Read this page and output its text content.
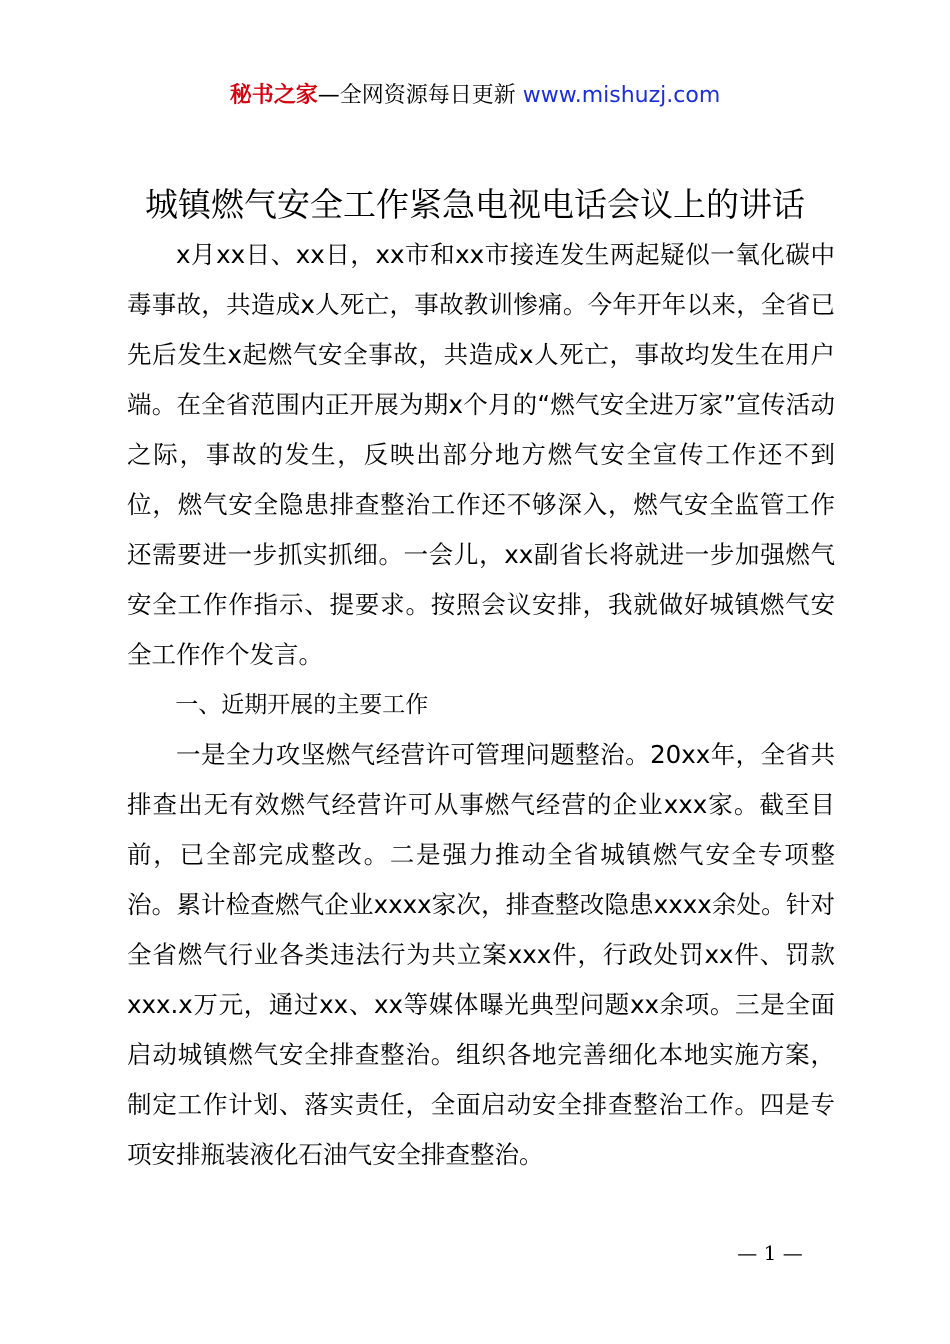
秘书之家—全网资源每日更新 www.mishuzj.com
城镇燃气安全工作紧急电视电话会议上的讲话

x月xx日、xx日，xx市和xx市接连发生两起疑似一氧化碳中毒事故，共造成x人死亡，事故教训惨痛。今年开年以来，全省已先后发生x起燃气安全事故，共造成x人死亡，事故均发生在用户端。在全省范围内正开展为期x个月的“燃气安全进万家”宣传活动之际，事故的发生，反映出部分地方燃气安全宣传工作还不到位，燃气安全隐患排查整治工作还不够深入，燃气安全监管工作还需要进一步抓实抓细。一会儿，xx副省长将就进一步加强燃气安全工作作指示、提要求。按照会议安排，我就做好城镇燃气安全工作作个发言。

一、近期开展的主要工作

一是全力攻坚燃气经营许可管理问题整治。20xx年，全省共排查出无有效燃气经营许可从事燃气经营的企业xxx家。截至目前，已全部完成整改。二是强力推动全省城镇燃气安全专项整治。累计检查燃气企业xxxx家次，排查整改隐患xxxx余处。针对全省燃气行业各类违法行为共立案xxx件，行政处罚xx件、罚款xxx.x万元，通过xx、xx等媒体曝光典型问题xx余项。三是全面启动城镇燃气安全排查整治。组织各地完善细化本地实施方案，制定工作计划、落实责任，全面启动安全排查整治工作。四是专项安排瓶装液化石油气安全排查整治。

— 1 —
